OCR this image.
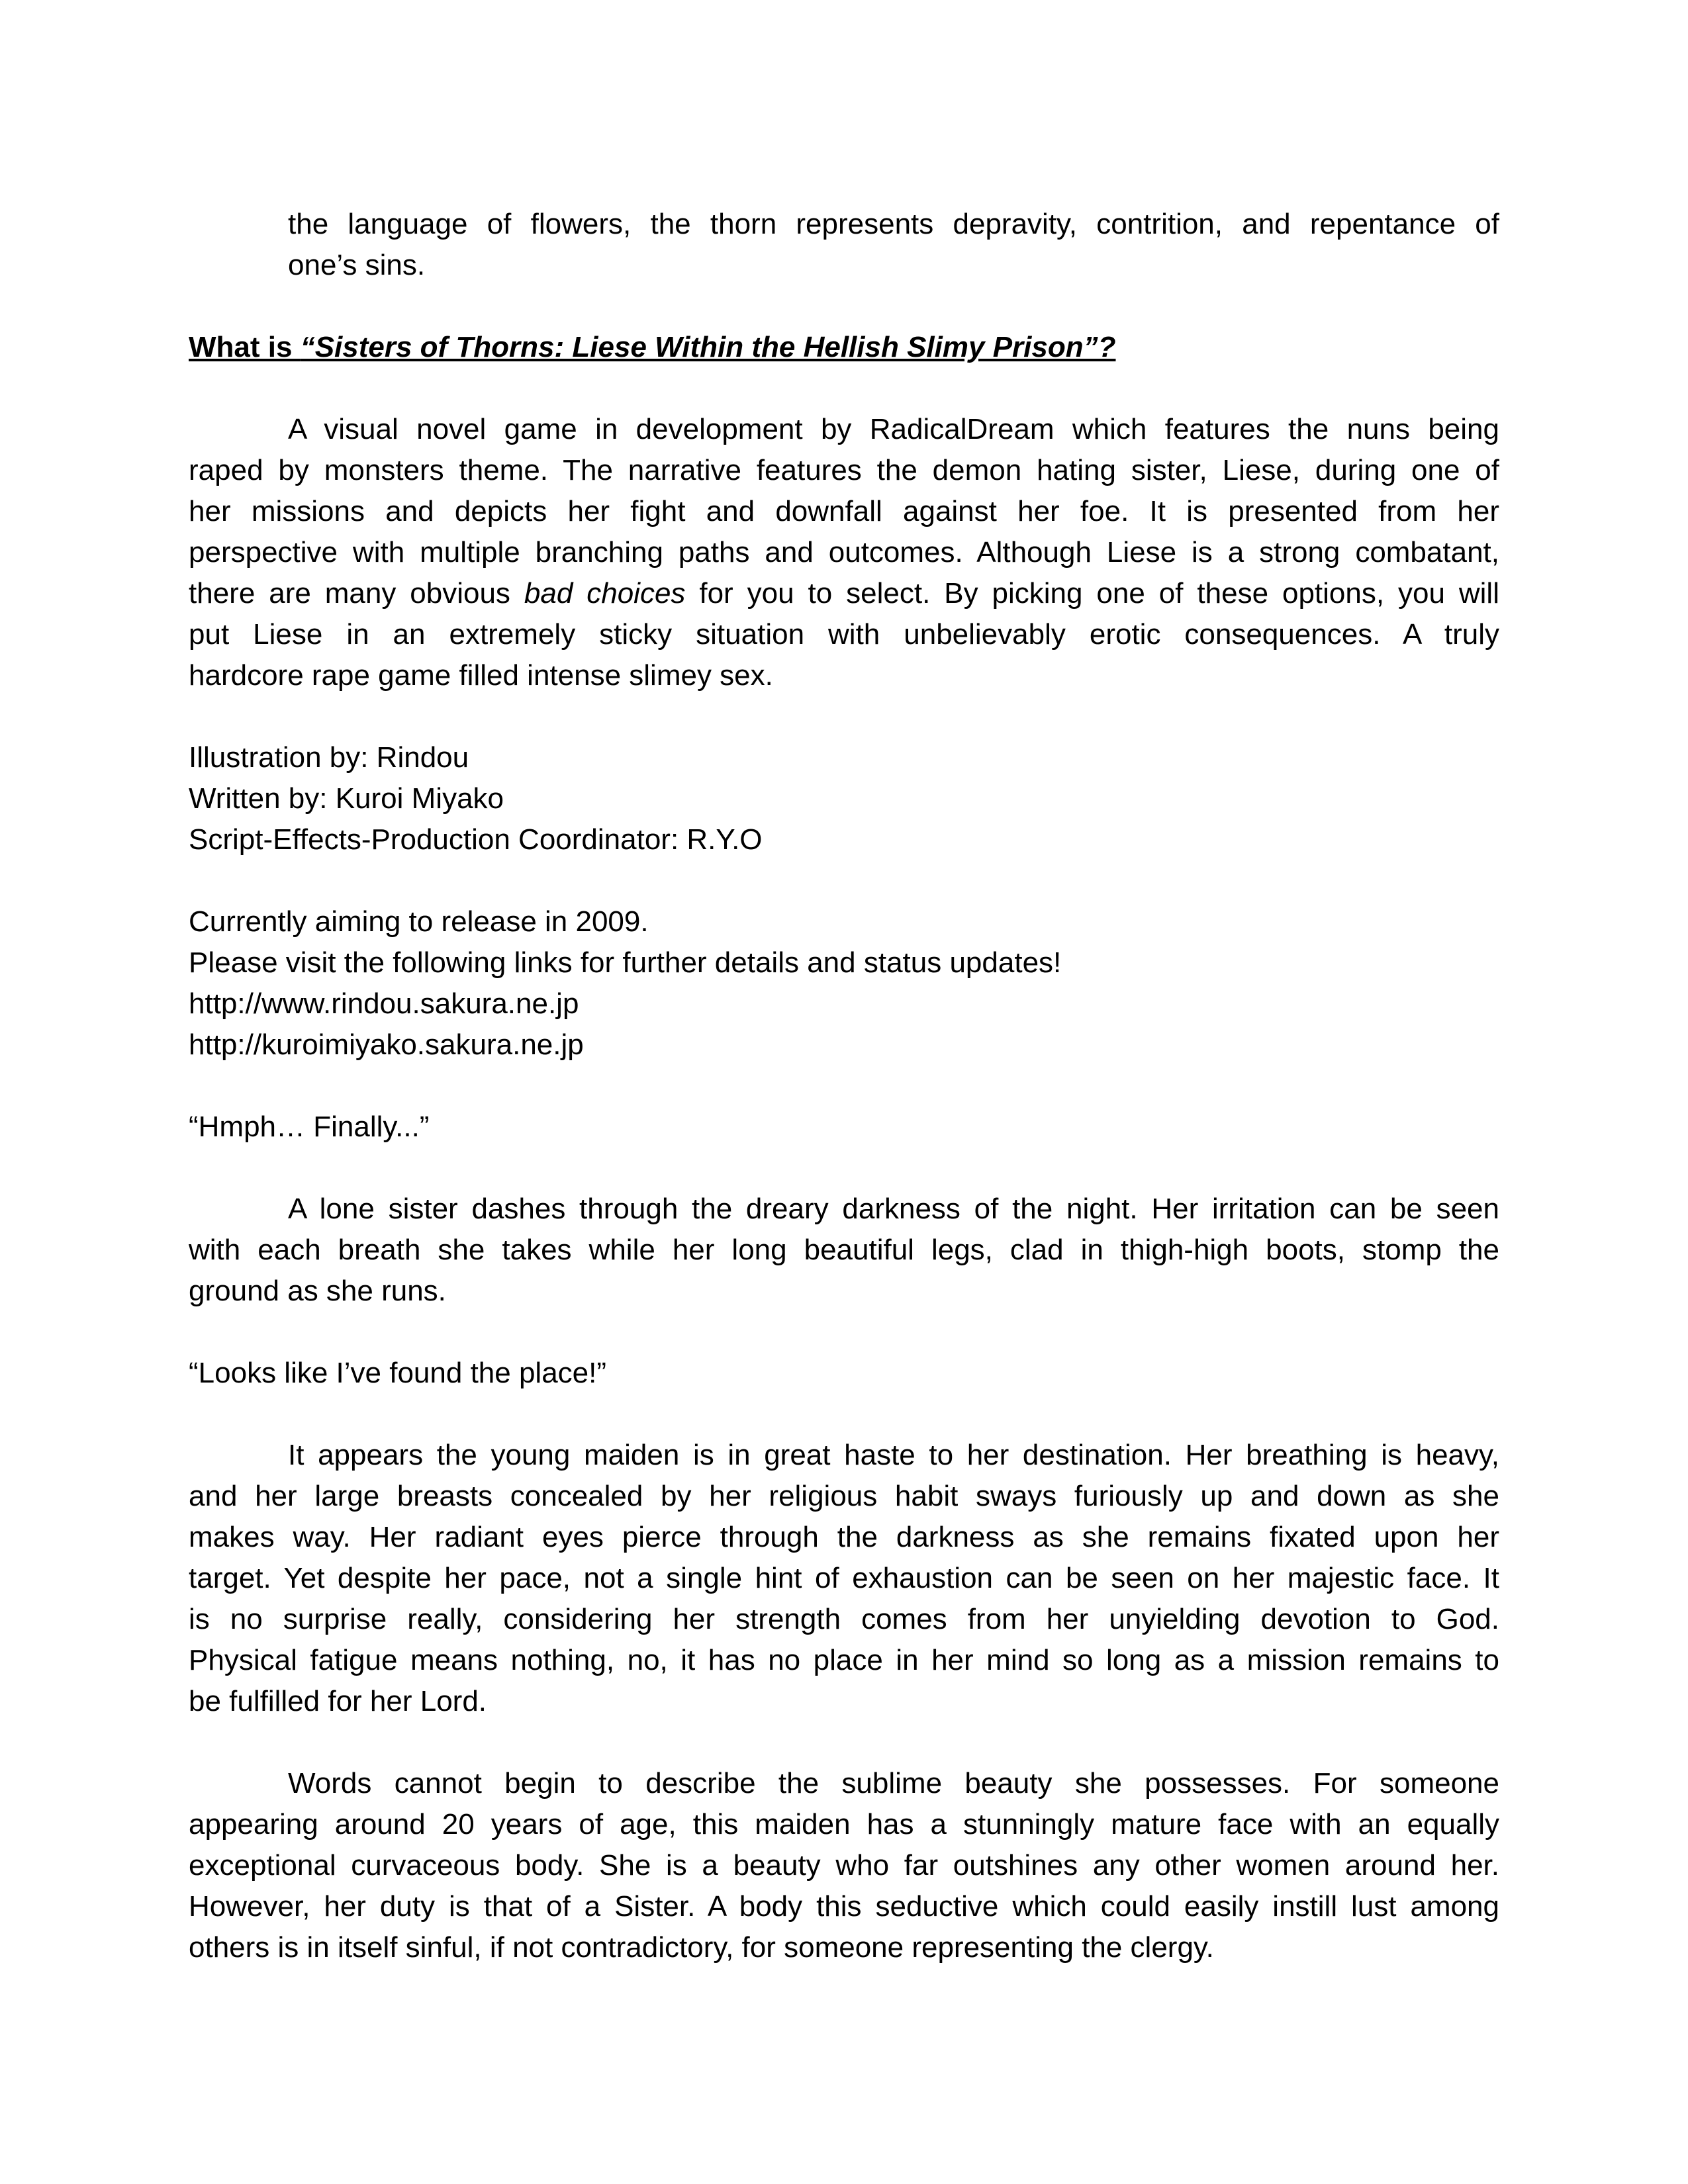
the language of flowers, the thorn represents depravity, contrition, and repentance of
one’s sins.
What is “Sisters of Thorns: Liese Within the Hellish Slimy Prison”?
A visual novel game in development by RadicalDream which features the nuns being
raped by monsters theme. The narrative features the demon hating sister, Liese, during one of
her missions and depicts her fight and downfall against her foe. It is presented from her
perspective with multiple branching paths and outcomes. Although Liese is a strong combatant,
there are many obvious bad choices for you to select. By picking one of these options, you will
put Liese in an extremely sticky situation with unbelievably erotic consequences. A truly
hardcore rape game filled intense slimey sex.
Illustration by: Rindou
Written by: Kuroi Miyako
Script-Effects-Production Coordinator: R.Y.O
Currently aiming to release in 2009.
Please visit the following links for further details and status updates!
http://www.rindou.sakura.ne.jp
http://kuroimiyako.sakura.ne.jp
“Hmph… Finally...”
A lone sister dashes through the dreary darkness of the night. Her irritation can be seen
with each breath she takes while her long beautiful legs, clad in thigh-high boots, stomp the
ground as she runs.
“Looks like I’ve found the place!”
It appears the young maiden is in great haste to her destination. Her breathing is heavy,
and her large breasts concealed by her religious habit sways furiously up and down as she
makes way. Her radiant eyes pierce through the darkness as she remains fixated upon her
target. Yet despite her pace, not a single hint of exhaustion can be seen on her majestic face. It
is no surprise really, considering her strength comes from her unyielding devotion to God.
Physical fatigue means nothing, no, it has no place in her mind so long as a mission remains to
be fulfilled for her Lord.
Words cannot begin to describe the sublime beauty she possesses. For someone
appearing around 20 years of age, this maiden has a stunningly mature face with an equally
exceptional curvaceous body. She is a beauty who far outshines any other women around her.
However, her duty is that of a Sister. A body this seductive which could easily instill lust among
others is in itself sinful, if not contradictory, for someone representing the clergy.
